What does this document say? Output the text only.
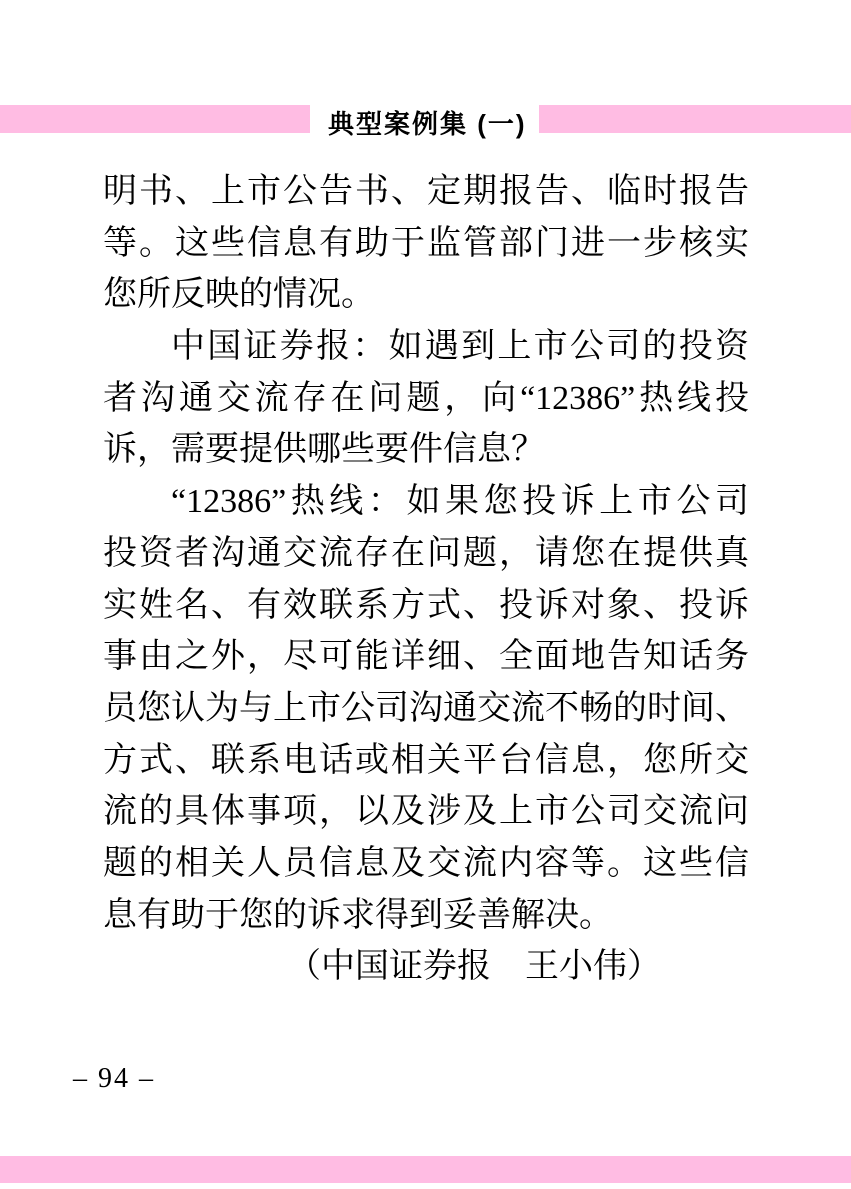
典型案例集 (一)

明书、上市公告书、定期报告、临时报告

等。这些信息有助于监管部门进一步核实

您所反映的情况。

中国证券报：如遇到上市公司的投资

者沟通交流存在问题，向“12386”热线投

诉，需要提供哪些要件信息？

“12386”热线：如果您投诉上市公司

投资者沟通交流存在问题，请您在提供真

实姓名、有效联系方式、投诉对象、投诉

事由之外，尽可能详细、全面地告知话务

员您认为与上市公司沟通交流不畅的时间、

方式、联系电话或相关平台信息，您所交

流的具体事项，以及涉及上市公司交流问

题的相关人员信息及交流内容等。这些信

息有助于您的诉求得到妥善解决。

（中国证券报　王小伟）

– 94 –
